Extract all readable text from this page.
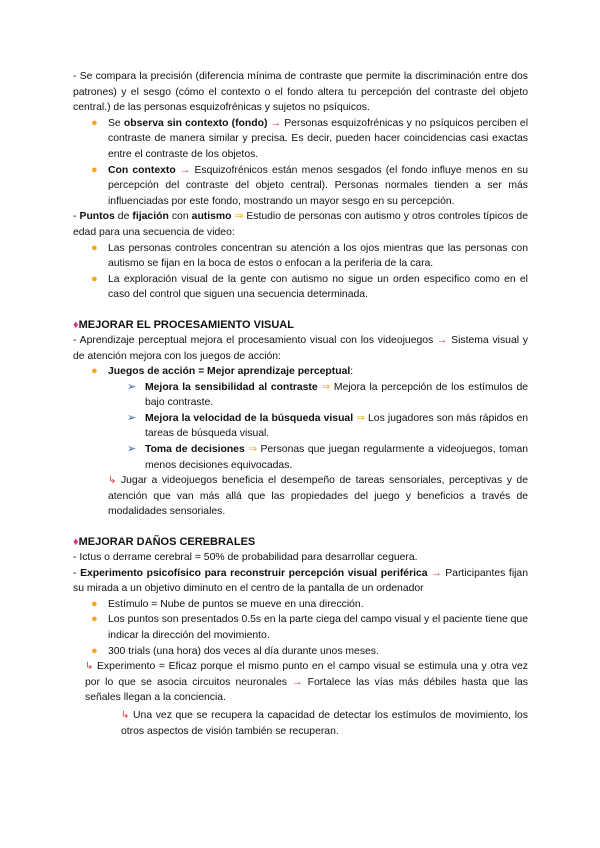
- Se compara la precisión (diferencia mínima de contraste que permite la discriminación entre dos patrones) y el sesgo (cómo el contexto o el fondo altera tu percepción del contraste del objeto central.) de las personas esquizofrénicas y sujetos no psíquicos.

● Se observa sin contexto (fondo) → Personas esquizofrénicas y no psíquicos perciben el contraste de manera similar y precisa. Es decir, pueden hacer coincidencias casi exactas entre el contraste de los objetos.

● Con contexto → Esquizofrénicos están menos sesgados (el fondo influye menos en su percepción del contraste del objeto central). Personas normales tienden a ser más influenciadas por este fondo, mostrando un mayor sesgo en su percepción.

- Puntos de fijación con autismo ⇒ Estudio de personas con autismo y otros controles típicos de edad para una secuencia de video:

● Las personas controles concentran su atención a los ojos mientras que las personas con autismo se fijan en la boca de estos o enfocan a la periferia de la cara.

● La exploración visual de la gente con autismo no sigue un orden especifico como en el caso del control que siguen una secuencia determinada.

♦MEJORAR EL PROCESAMIENTO VISUAL

- Aprendizaje perceptual mejora el procesamiento visual con los videojuegos → Sistema visual y de atención mejora con los juegos de acción:

● Juegos de acción = Mejor aprendizaje perceptual:

➢ Mejora la sensibilidad al contraste ⇒ Mejora la percepción de los estímulos de bajo contraste.

➢ Mejora la velocidad de la búsqueda visual ⇒ Los jugadores son más rápidos en tareas de búsqueda visual.

➢ Toma de decisiones ⇒ Personas que juegan regularmente a videojuegos, toman menos decisiones equivocadas.

↳ Jugar a videojuegos beneficia el desempeño de tareas sensoriales, perceptivas y de atención que van más allá que las propiedades del juego y beneficios a través de modalidades sensoriales.

♦MEJORAR DAÑOS CEREBRALES

- Ictus o derrame cerebral = 50% de probabilidad para desarrollar ceguera.

- Experimento psicofísico para reconstruir percepción visual periférica → Participantes fijan su mirada a un objetivo diminuto en el centro de la pantalla de un ordenador

● Estímulo = Nube de puntos se mueve en una dirección.

● Los puntos son presentados 0.5s en la parte ciega del campo visual y el paciente tiene que indicar la dirección del movimiento.

● 300 trials (una hora) dos veces al día durante unos meses.

↳ Experimento = Eficaz porque el mismo punto en el campo visual se estimula una y otra vez por lo que se asocia circuitos neuronales → Fortalece las vías más débiles hasta que las señales llegan a la conciencia.

↳ Una vez que se recupera la capacidad de detectar los estímulos de movimiento, los otros aspectos de visión también se recuperan.
